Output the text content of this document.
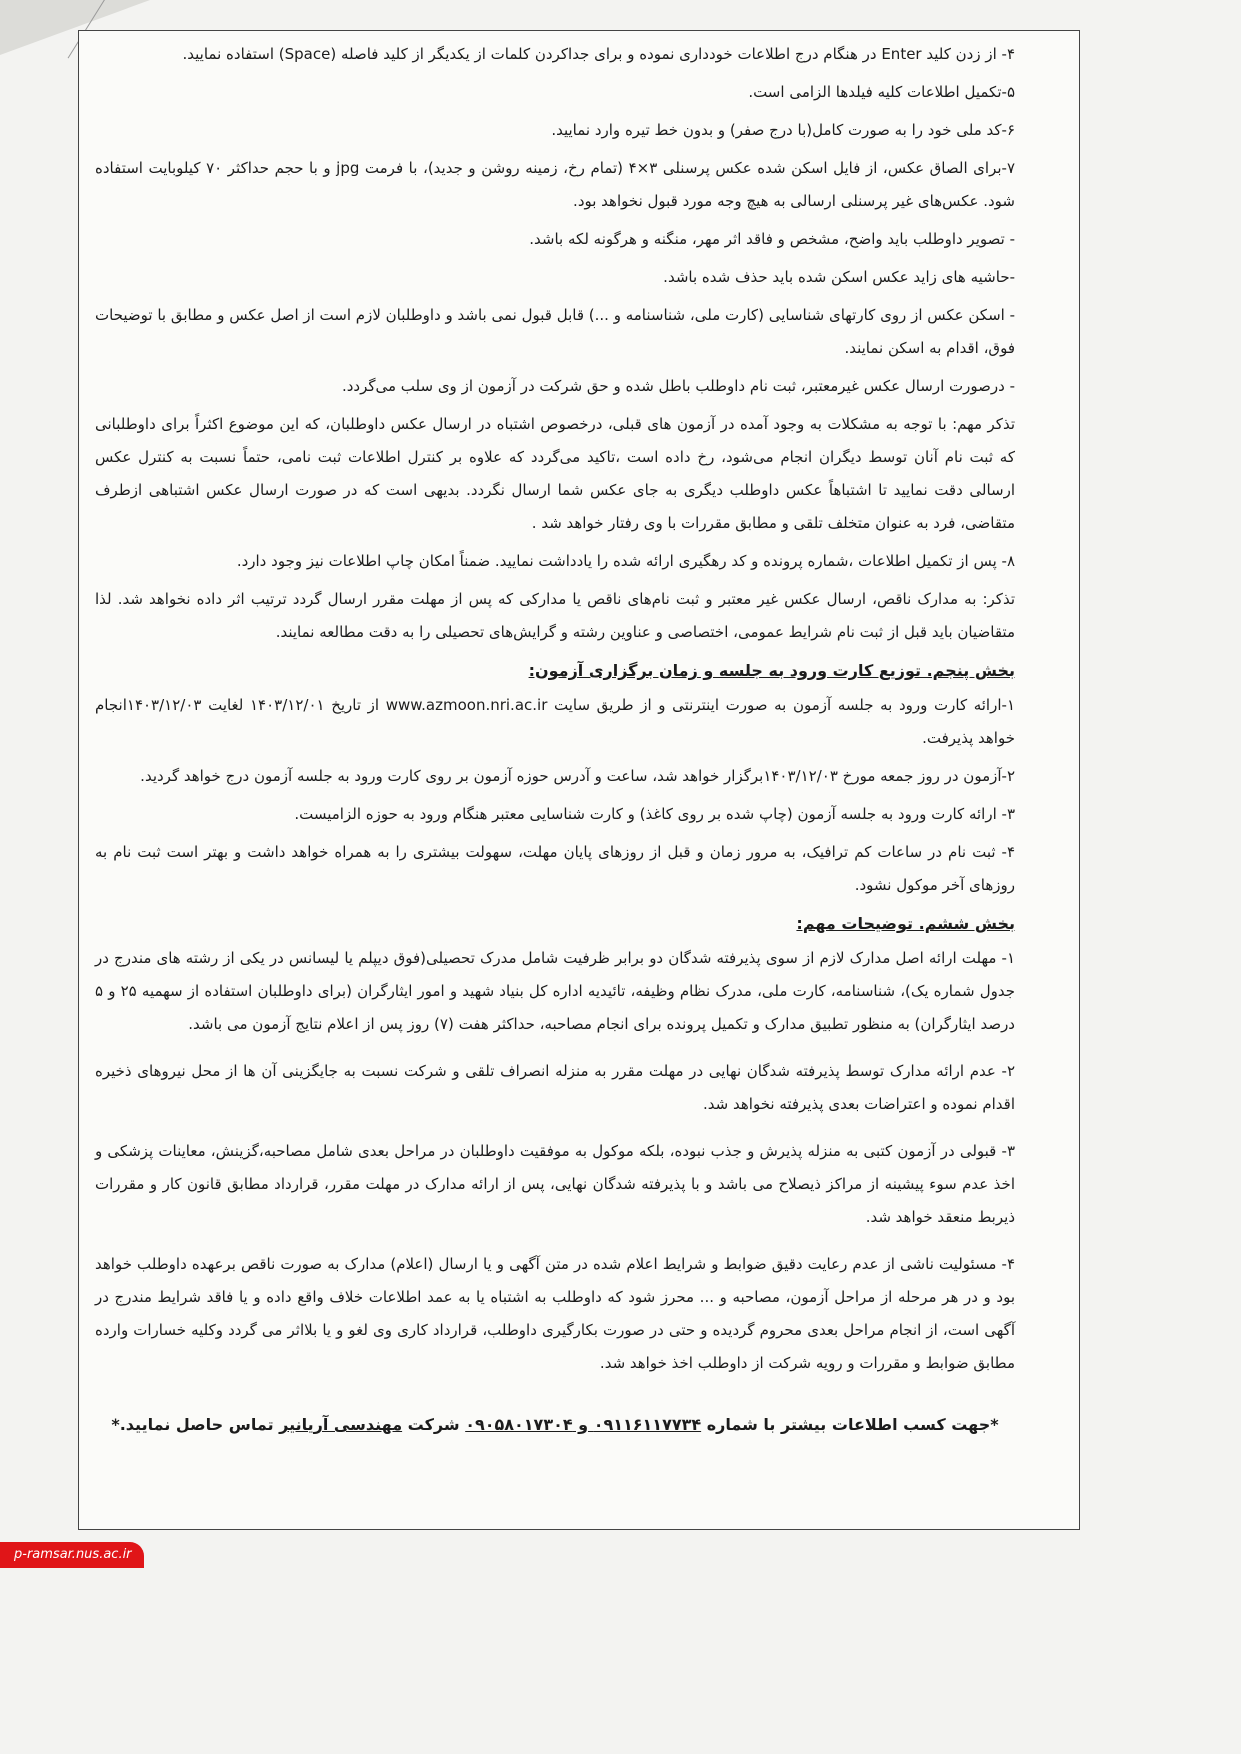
۴- از زدن کلید Enter در هنگام درج اطلاعات خودداری نموده و برای جداکردن کلمات از یکدیگر از کلید فاصله (Space) استفاده نمایید.

۵-تکمیل اطلاعات کلیه فیلدها الزامی است.

۶-کد ملی خود را به صورت کامل(با درج صفر) و بدون خط تیره وارد نمایید.

۷-برای الصاق عکس، از فایل اسکن شده عکس پرسنلی ۳×۴ (تمام رخ، زمینه روشن و جدید)، با فرمت jpg و با حجم حداکثر ۷۰ کیلوبایت استفاده شود. عکس‌های غیر پرسنلی ارسالی به هیچ وجه مورد قبول نخواهد بود.

- تصویر داوطلب باید واضح، مشخص و فاقد اثر مهر، منگنه و هرگونه لکه باشد.

-حاشیه های زاید عکس اسکن شده باید حذف شده باشد.

- اسکن عکس از روی کارتهای شناسایی (کارت ملی، شناسنامه و ...) قابل قبول نمی باشد و داوطلبان لازم است از اصل عکس و مطابق با توضیحات فوق، اقدام به اسکن نمایند.

- درصورت ارسال عکس غیرمعتبر، ثبت نام داوطلب باطل شده و حق شرکت در آزمون از وی سلب می‌گردد.

تذکر مهم: با توجه به مشکلات به وجود آمده در آزمون های قبلی، درخصوص اشتباه در ارسال عکس داوطلبان، که این موضوع اکثراً برای داوطلبانی که ثبت نام آنان توسط دیگران انجام می‌شود، رخ داده است ،تاکید می‌گردد که علاوه بر کنترل اطلاعات ثبت نامی، حتماً نسبت به کنترل عکس ارسالی دقت نمایید تا اشتباهاً عکس داوطلب دیگری به جای عکس شما ارسال نگردد. بدیهی است که در صورت ارسال عکس اشتباهی ازطرف متقاضی، فرد به عنوان متخلف تلقی و مطابق مقررات با وی رفتار خواهد شد .

۸- پس از تکمیل اطلاعات ،شماره پرونده و کد رهگیری ارائه شده را یادداشت نمایید. ضمناً امکان چاپ اطلاعات نیز وجود دارد.

تذکر: به مدارک ناقص، ارسال عکس غیر معتبر و ثبت نام‌های ناقص یا مدارکی که پس از مهلت مقرر ارسال گردد ترتیب اثر داده نخواهد شد. لذا متقاضیان باید قبل از ثبت نام شرایط عمومی، اختصاصی و عناوین رشته و گرایش‌های تحصیلی را به دقت مطالعه نمایند.

بخش پنجم. توزیع کارت ورود به جلسه و زمان برگزاری آزمون:

۱-ارائه کارت ورود به جلسه آزمون به صورت اینترنتی و از طریق سایت www.azmoon.nri.ac.ir از تاریخ ۱۴۰۳/۱۲/۰۱ لغایت ۱۴۰۳/۱۲/۰۳انجام خواهد پذیرفت.

۲-آزمون در روز جمعه مورخ ۱۴۰۳/۱۲/۰۳برگزار خواهد شد، ساعت و آدرس حوزه آزمون بر روی کارت ورود به جلسه آزمون درج خواهد گردید.

۳- ارائه کارت ورود به جلسه آزمون (چاپ شده بر روی کاغذ) و کارت شناسایی معتبر هنگام ورود به حوزه الزامیست.

۴- ثبت نام در ساعات کم ترافیک، به مرور زمان و قبل از روزهای پایان مهلت، سهولت بیشتری را به همراه خواهد داشت و بهتر است ثبت نام به روزهای آخر موکول نشود.

بخش ششم. توضیحات مهم:

۱- مهلت ارائه اصل مدارک لازم از سوی پذیرفته شدگان دو برابر ظرفیت شامل مدرک تحصیلی(فوق دیپلم یا لیسانس در یکی از رشته های مندرج در جدول شماره یک)، شناسنامه، کارت ملی، مدرک نظام وظیفه، تائیدیه اداره کل بنیاد شهید و امور ایثارگران (برای داوطلبان استفاده از سهمیه ۲۵ و ۵ درصد ایثارگران) به منظور تطبیق مدارک و تکمیل پرونده برای انجام مصاحبه، حداکثر هفت (۷) روز پس از اعلام نتایج آزمون می باشد.

۲- عدم ارائه مدارک توسط پذیرفته شدگان نهایی در مهلت مقرر به منزله انصراف تلقی و شرکت نسبت به جایگزینی آن ها از محل نیروهای ذخیره اقدام نموده و اعتراضات بعدی پذیرفته نخواهد شد.

۳- قبولی در آزمون کتبی به منزله پذیرش و جذب نبوده، بلکه موکول به موفقیت داوطلبان در مراحل بعدی شامل مصاحبه،گزینش، معاینات پزشکی و اخذ عدم سوء پیشینه از مراکز ذیصلاح می باشد و با پذیرفته شدگان نهایی، پس از ارائه مدارک در مهلت مقرر، قرارداد مطابق قانون کار و مقررات ذیربط منعقد خواهد شد.

۴- مسئولیت ناشی از عدم رعایت دقیق ضوابط و شرایط اعلام شده در متن آگهی و یا ارسال (اعلام) مدارک به صورت ناقص برعهده داوطلب خواهد بود و در هر مرحله از مراحل آزمون، مصاحبه و ... محرز شود که داوطلب به اشتباه یا به عمد اطلاعات خلاف واقع داده و یا فاقد شرایط مندرج در آگهی است، از انجام مراحل بعدی محروم گردیده و حتی در صورت بکارگیری داوطلب، قرارداد کاری وی لغو و یا بلااثر می گردد وکلیه خسارات وارده مطابق ضوابط و مقررات و رویه شرکت از داوطلب اخذ خواهد شد.

*جهت کسب اطلاعات بیشتر با شماره ۰۹۱۱۶۱۱۷۷۳۴ و ۰۹۰۵۸۰۱۷۳۰۴ شرکت مهندسی آریانیر تماس حاصل نمایید.*
p-ramsar.nus.ac.ir
